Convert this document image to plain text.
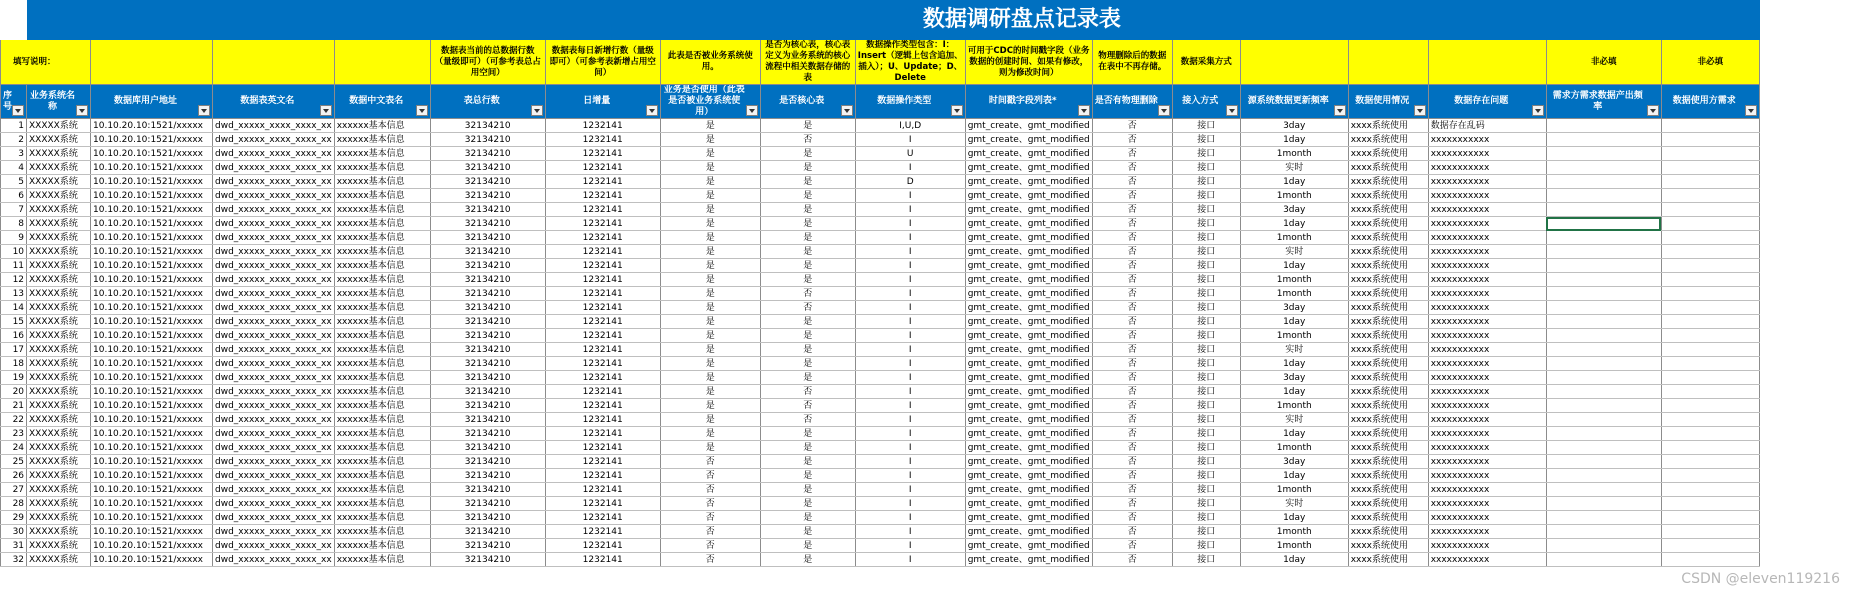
	数据调研盘点记录表																
填写说明：					数据表当前的总数据行数（量级即可）（可参考表总占用空间）	数据表每日新增行数（量级即可）（可参考表新增占用空间）	此表是否被业务系统使用。	是否为核心表，核心表定义为业务系统的核心流程中相关数据存储的表	数据操作类型包含：I：Insert（逻辑上包含追加、插入）；U、Update；D、Delete	可用于CDC的时间戳字段（业务数据的创建时间、如果有修改，则为修改时间）	物理删除后的数据在表中不再存储。	数据采集方式				非必填	非必填
序号	业务系统名称	数据库用户地址	数据表英文名	数据中文表名	表总行数	日增量	业务是否使用（此表是否被业务系统使用）	是否核心表	数据操作类型	时间戳字段列表*	是否有物理删除	接入方式	源系统数据更新频率	数据使用情况	数据存在问题	需求方需求数据产出频率	数据使用方需求

1	XXXXX系统	10.10.20.10:1521/xxxxx	dwd_xxxxx_xxxx_xxxx_xx	xxxxxx基本信息	32134210	1232141	是	是	I,U,D	gmt_create、gmt_modified	否	接口	3day	xxxx系统使用	数据存在乱码		
2	XXXXX系统	10.10.20.10:1521/xxxxx	dwd_xxxxx_xxxx_xxxx_xx	xxxxxx基本信息	32134210	1232141	是	否	I	gmt_create、gmt_modified	否	接口	1day	xxxx系统使用	xxxxxxxxxxx		
3	XXXXX系统	10.10.20.10:1521/xxxxx	dwd_xxxxx_xxxx_xxxx_xx	xxxxxx基本信息	32134210	1232141	是	是	U	gmt_create、gmt_modified	否	接口	1month	xxxx系统使用	xxxxxxxxxxx		
4	XXXXX系统	10.10.20.10:1521/xxxxx	dwd_xxxxx_xxxx_xxxx_xx	xxxxxx基本信息	32134210	1232141	是	是	I	gmt_create、gmt_modified	否	接口	实时	xxxx系统使用	xxxxxxxxxxx		
5	XXXXX系统	10.10.20.10:1521/xxxxx	dwd_xxxxx_xxxx_xxxx_xx	xxxxxx基本信息	32134210	1232141	是	是	D	gmt_create、gmt_modified	否	接口	1day	xxxx系统使用	xxxxxxxxxxx		
6	XXXXX系统	10.10.20.10:1521/xxxxx	dwd_xxxxx_xxxx_xxxx_xx	xxxxxx基本信息	32134210	1232141	是	是	I	gmt_create、gmt_modified	否	接口	1month	xxxx系统使用	xxxxxxxxxxx		
7	XXXXX系统	10.10.20.10:1521/xxxxx	dwd_xxxxx_xxxx_xxxx_xx	xxxxxx基本信息	32134210	1232141	是	是	I	gmt_create、gmt_modified	否	接口	3day	xxxx系统使用	xxxxxxxxxxx		
8	XXXXX系统	10.10.20.10:1521/xxxxx	dwd_xxxxx_xxxx_xxxx_xx	xxxxxx基本信息	32134210	1232141	是	是	I	gmt_create、gmt_modified	否	接口	1day	xxxx系统使用	xxxxxxxxxxx		
9	XXXXX系统	10.10.20.10:1521/xxxxx	dwd_xxxxx_xxxx_xxxx_xx	xxxxxx基本信息	32134210	1232141	是	是	I	gmt_create、gmt_modified	否	接口	1month	xxxx系统使用	xxxxxxxxxxx		
10	XXXXX系统	10.10.20.10:1521/xxxxx	dwd_xxxxx_xxxx_xxxx_xx	xxxxxx基本信息	32134210	1232141	是	是	I	gmt_create、gmt_modified	否	接口	实时	xxxx系统使用	xxxxxxxxxxx		
11	XXXXX系统	10.10.20.10:1521/xxxxx	dwd_xxxxx_xxxx_xxxx_xx	xxxxxx基本信息	32134210	1232141	是	是	I	gmt_create、gmt_modified	否	接口	1day	xxxx系统使用	xxxxxxxxxxx		
12	XXXXX系统	10.10.20.10:1521/xxxxx	dwd_xxxxx_xxxx_xxxx_xx	xxxxxx基本信息	32134210	1232141	是	是	I	gmt_create、gmt_modified	否	接口	1month	xxxx系统使用	xxxxxxxxxxx		
13	XXXXX系统	10.10.20.10:1521/xxxxx	dwd_xxxxx_xxxx_xxxx_xx	xxxxxx基本信息	32134210	1232141	是	否	I	gmt_create、gmt_modified	否	接口	1month	xxxx系统使用	xxxxxxxxxxx		
14	XXXXX系统	10.10.20.10:1521/xxxxx	dwd_xxxxx_xxxx_xxxx_xx	xxxxxx基本信息	32134210	1232141	是	否	I	gmt_create、gmt_modified	否	接口	3day	xxxx系统使用	xxxxxxxxxxx		
15	XXXXX系统	10.10.20.10:1521/xxxxx	dwd_xxxxx_xxxx_xxxx_xx	xxxxxx基本信息	32134210	1232141	是	是	I	gmt_create、gmt_modified	否	接口	1day	xxxx系统使用	xxxxxxxxxxx		
16	XXXXX系统	10.10.20.10:1521/xxxxx	dwd_xxxxx_xxxx_xxxx_xx	xxxxxx基本信息	32134210	1232141	是	是	I	gmt_create、gmt_modified	否	接口	1month	xxxx系统使用	xxxxxxxxxxx		
17	XXXXX系统	10.10.20.10:1521/xxxxx	dwd_xxxxx_xxxx_xxxx_xx	xxxxxx基本信息	32134210	1232141	是	是	I	gmt_create、gmt_modified	否	接口	实时	xxxx系统使用	xxxxxxxxxxx		
18	XXXXX系统	10.10.20.10:1521/xxxxx	dwd_xxxxx_xxxx_xxxx_xx	xxxxxx基本信息	32134210	1232141	是	是	I	gmt_create、gmt_modified	否	接口	1day	xxxx系统使用	xxxxxxxxxxx		
19	XXXXX系统	10.10.20.10:1521/xxxxx	dwd_xxxxx_xxxx_xxxx_xx	xxxxxx基本信息	32134210	1232141	是	是	I	gmt_create、gmt_modified	否	接口	3day	xxxx系统使用	xxxxxxxxxxx		
20	XXXXX系统	10.10.20.10:1521/xxxxx	dwd_xxxxx_xxxx_xxxx_xx	xxxxxx基本信息	32134210	1232141	是	否	I	gmt_create、gmt_modified	否	接口	1day	xxxx系统使用	xxxxxxxxxxx		
21	XXXXX系统	10.10.20.10:1521/xxxxx	dwd_xxxxx_xxxx_xxxx_xx	xxxxxx基本信息	32134210	1232141	是	否	I	gmt_create、gmt_modified	否	接口	1month	xxxx系统使用	xxxxxxxxxxx		
22	XXXXX系统	10.10.20.10:1521/xxxxx	dwd_xxxxx_xxxx_xxxx_xx	xxxxxx基本信息	32134210	1232141	是	否	I	gmt_create、gmt_modified	否	接口	实时	xxxx系统使用	xxxxxxxxxxx		
23	XXXXX系统	10.10.20.10:1521/xxxxx	dwd_xxxxx_xxxx_xxxx_xx	xxxxxx基本信息	32134210	1232141	是	是	I	gmt_create、gmt_modified	否	接口	1day	xxxx系统使用	xxxxxxxxxxx		
24	XXXXX系统	10.10.20.10:1521/xxxxx	dwd_xxxxx_xxxx_xxxx_xx	xxxxxx基本信息	32134210	1232141	是	是	I	gmt_create、gmt_modified	否	接口	1month	xxxx系统使用	xxxxxxxxxxx		
25	XXXXX系统	10.10.20.10:1521/xxxxx	dwd_xxxxx_xxxx_xxxx_xx	xxxxxx基本信息	32134210	1232141	否	是	I	gmt_create、gmt_modified	否	接口	3day	xxxx系统使用	xxxxxxxxxxx		
26	XXXXX系统	10.10.20.10:1521/xxxxx	dwd_xxxxx_xxxx_xxxx_xx	xxxxxx基本信息	32134210	1232141	否	是	I	gmt_create、gmt_modified	否	接口	1day	xxxx系统使用	xxxxxxxxxxx		
27	XXXXX系统	10.10.20.10:1521/xxxxx	dwd_xxxxx_xxxx_xxxx_xx	xxxxxx基本信息	32134210	1232141	否	是	I	gmt_create、gmt_modified	否	接口	1month	xxxx系统使用	xxxxxxxxxxx		
28	XXXXX系统	10.10.20.10:1521/xxxxx	dwd_xxxxx_xxxx_xxxx_xx	xxxxxx基本信息	32134210	1232141	否	是	I	gmt_create、gmt_modified	否	接口	实时	xxxx系统使用	xxxxxxxxxxx		
29	XXXXX系统	10.10.20.10:1521/xxxxx	dwd_xxxxx_xxxx_xxxx_xx	xxxxxx基本信息	32134210	1232141	否	是	I	gmt_create、gmt_modified	否	接口	1day	xxxx系统使用	xxxxxxxxxxx		
30	XXXXX系统	10.10.20.10:1521/xxxxx	dwd_xxxxx_xxxx_xxxx_xx	xxxxxx基本信息	32134210	1232141	否	是	I	gmt_create、gmt_modified	否	接口	1month	xxxx系统使用	xxxxxxxxxxx		
31	XXXXX系统	10.10.20.10:1521/xxxxx	dwd_xxxxx_xxxx_xxxx_xx	xxxxxx基本信息	32134210	1232141	否	是	I	gmt_create、gmt_modified	否	接口	1month	xxxx系统使用	xxxxxxxxxxx		
32	XXXXX系统	10.10.20.10:1521/xxxxx	dwd_xxxxx_xxxx_xxxx_xx	xxxxxx基本信息	32134210	1232141	否	是	I	gmt_create、gmt_modified	否	接口	1day	xxxx系统使用	xxxxxxxxxxx		
CSDN @eleven119216
